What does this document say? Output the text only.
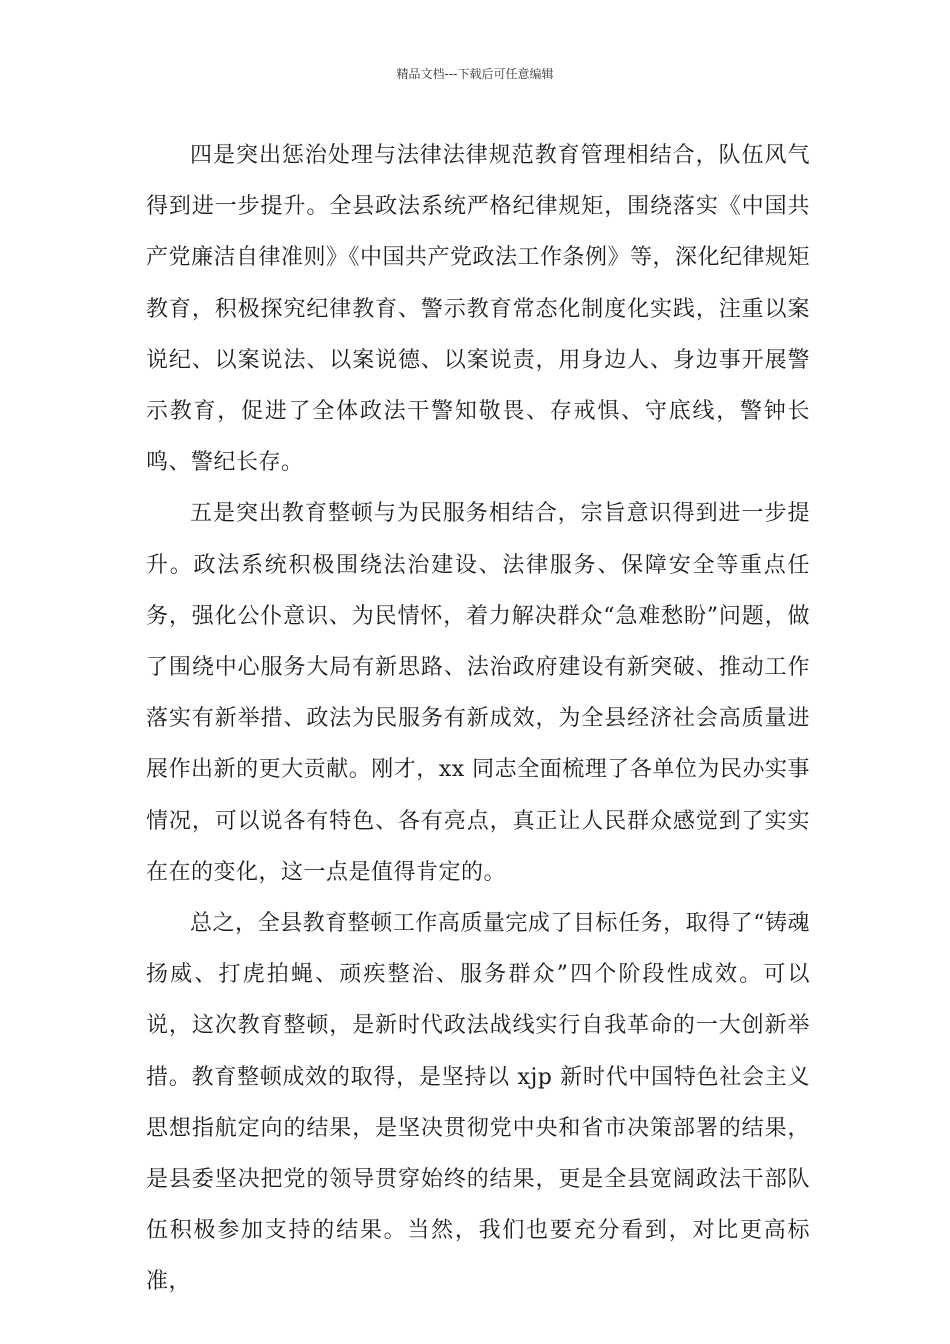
精品文档---下载后可任意编辑

四是突出惩治处理与法律法律规范教育管理相结合，队伍风气得到进一步提升。全县政法系统严格纪律规矩，围绕落实《中国共产党廉洁自律准则》《中国共产党政法工作条例》等，深化纪律规矩教育，积极探究纪律教育、警示教育常态化制度化实践，注重以案说纪、以案说法、以案说德、以案说责，用身边人、身边事开展警示教育，促进了全体政法干警知敬畏、存戒惧、守底线，警钟长鸣、警纪长存。

五是突出教育整顿与为民服务相结合，宗旨意识得到进一步提升。政法系统积极围绕法治建设、法律服务、保障安全等重点任务，强化公仆意识、为民情怀，着力解决群众“急难愁盼”问题，做了围绕中心服务大局有新思路、法治政府建设有新突破、推动工作落实有新举措、政法为民服务有新成效，为全县经济社会高质量进展作出新的更大贡献。刚才，xx 同志全面梳理了各单位为民办实事情况，可以说各有特色、各有亮点，真正让人民群众感觉到了实实在在的变化，这一点是值得肯定的。

总之，全县教育整顿工作高质量完成了目标任务，取得了“铸魂扬威、打虎拍蝇、顽疾整治、服务群众”四个阶段性成效。可以说，这次教育整顿，是新时代政法战线实行自我革命的一大创新举措。教育整顿成效的取得，是坚持以 xjp 新时代中国特色社会主义思想指航定向的结果，是坚决贯彻党中央和省市决策部署的结果，是县委坚决把党的领导贯穿始终的结果，更是全县宽阔政法干部队伍积极参加支持的结果。当然，我们也要充分看到，对比更高标准，
